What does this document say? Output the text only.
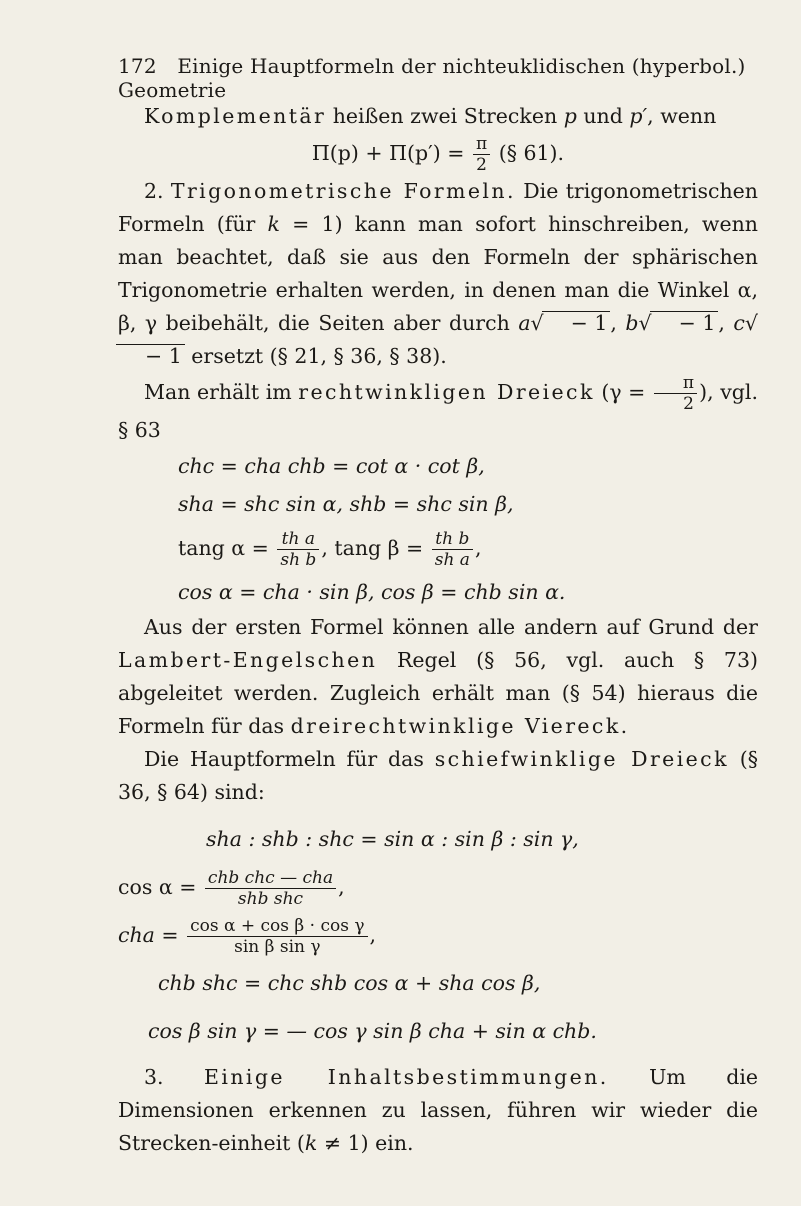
172 Einige Hauptformeln der nichteuklidischen (hyperbol.) Geometrie

Komplementär heißen zwei Strecken p und p′, wenn

$\Pi(p) + \Pi(p') = \frac{\pi}{2}$ (§ 61).

2. Trigonometrische Formeln. Die trigonometrischen Formeln (für k = 1) kann man sofort hinschreiben, wenn man beachtet, daß sie aus den Formeln der sphärischen Trigonometrie erhalten werden, in denen man die Winkel α, β, γ beibehält, die Seiten aber durch a√ − 1 , b√ − 1 , c√− 1 ersetzt (§ 21, § 36, § 38).

Man erhält im rechtwinkligen Dreieck ($\gamma = \frac{\pi}{2}$ ), vgl. § 63

chc = cha chb = cot α · cot β,
sha = shc sin α, shb = shc sin β,
tang $\alpha = \frac{\text{th a}}{\text{sh b}}$ , tang $\beta = \frac{\text{th b}}{\text{sh a}}$ ,
cos α = cha · sin β, cos β = chb sin α.

Aus der ersten Formel können alle andern auf Grund der Lambert-Engelschen Regel (§ 56, vgl. auch § 73) abgeleitet werden. Zugleich erhält man (§ 54) hieraus die Formeln für das dreirechtwinklige Viereck.

Die Hauptformeln für das schiefwinklige Dreieck (§ 36, § 64) sind:

sha : shb : shc = sin α : sin β : sin γ,
$\cos \alpha = \frac{\text{chb chc — cha}}{\text{shb shc}}$ ,
cha = $\frac{\text{cos α + cos β · cos γ}}{\text{sin β sin γ}}$ ,
chb shc = chc shb cos α + sha cos β,
cos β sin γ = — cos γ sin β cha + sin α chb.

3. Einige Inhaltsbestimmungen. Um die Dimensionen erkennen zu lassen, führen wir wieder die Strecken-einheit (k ≠ 1) ein.
